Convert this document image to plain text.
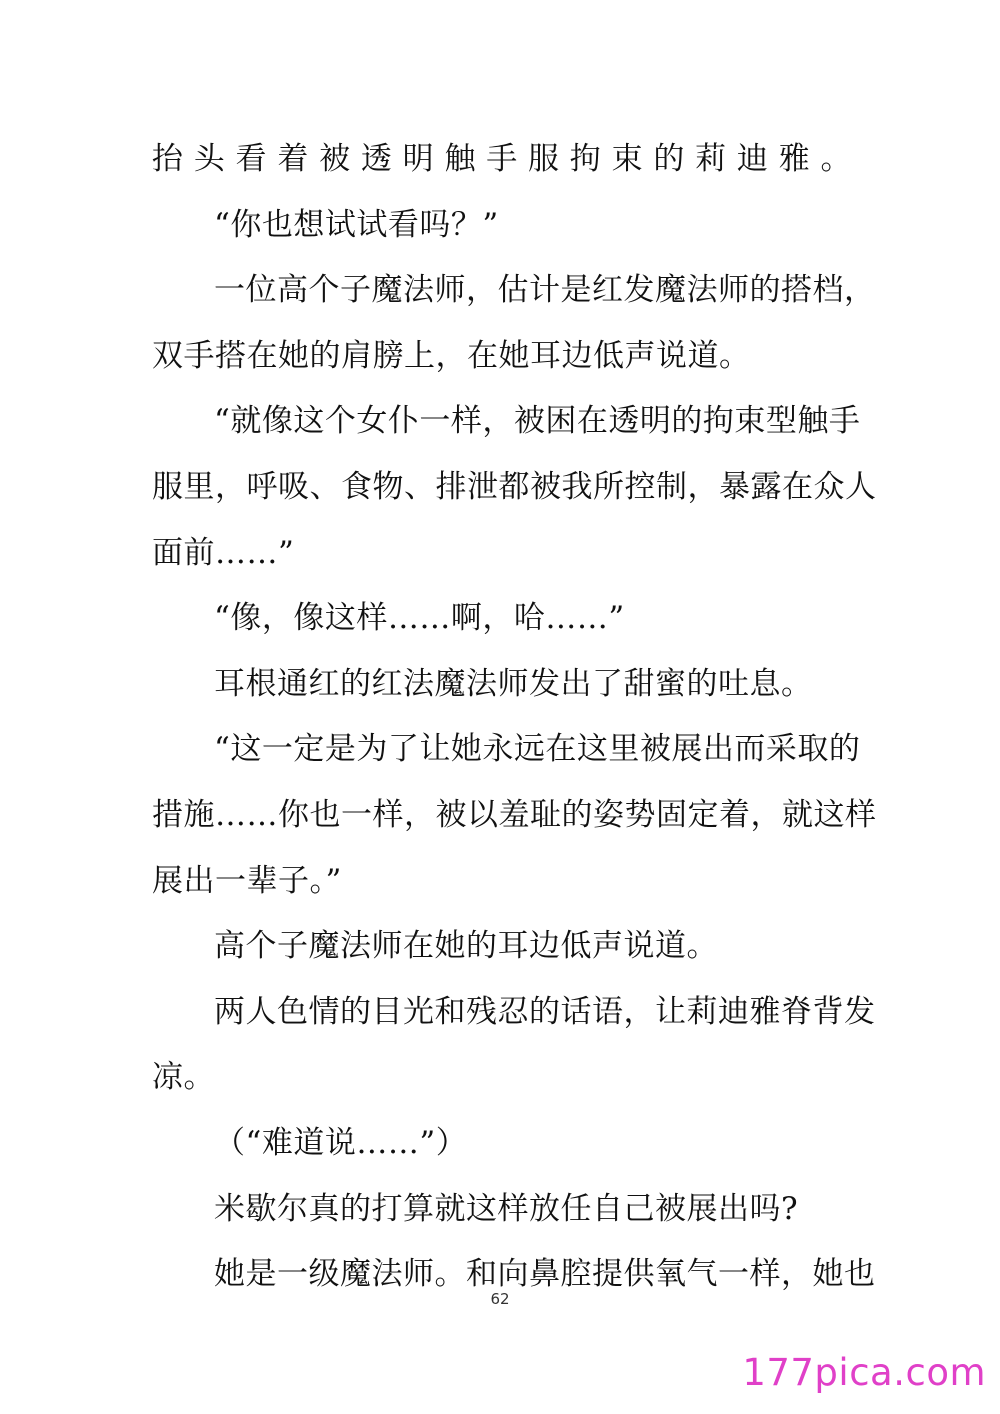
抬头看着被透明触手服拘束的莉迪雅。
“你也想试试看吗？”
一位高个子魔法师，估计是红发魔法师的搭档，
双手搭在她的肩膀上，在她耳边低声说道。
“就像这个女仆一样，被困在透明的拘束型触手
服里，呼吸、食物、排泄都被我所控制，暴露在众人
面前……”
“像，像这样……啊，哈……”
耳根通红的红法魔法师发出了甜蜜的吐息。
“这一定是为了让她永远在这里被展出而采取的
措施……你也一样，被以羞耻的姿势固定着，就这样
展出一辈子。”
高个子魔法师在她的耳边低声说道。
两人色情的目光和残忍的话语，让莉迪雅脊背发
凉。
（“难道说……”）
米歇尔真的打算就这样放任自己被展出吗?
她是一级魔法师。和向鼻腔提供氧气一样，她也
62
177pica.com
